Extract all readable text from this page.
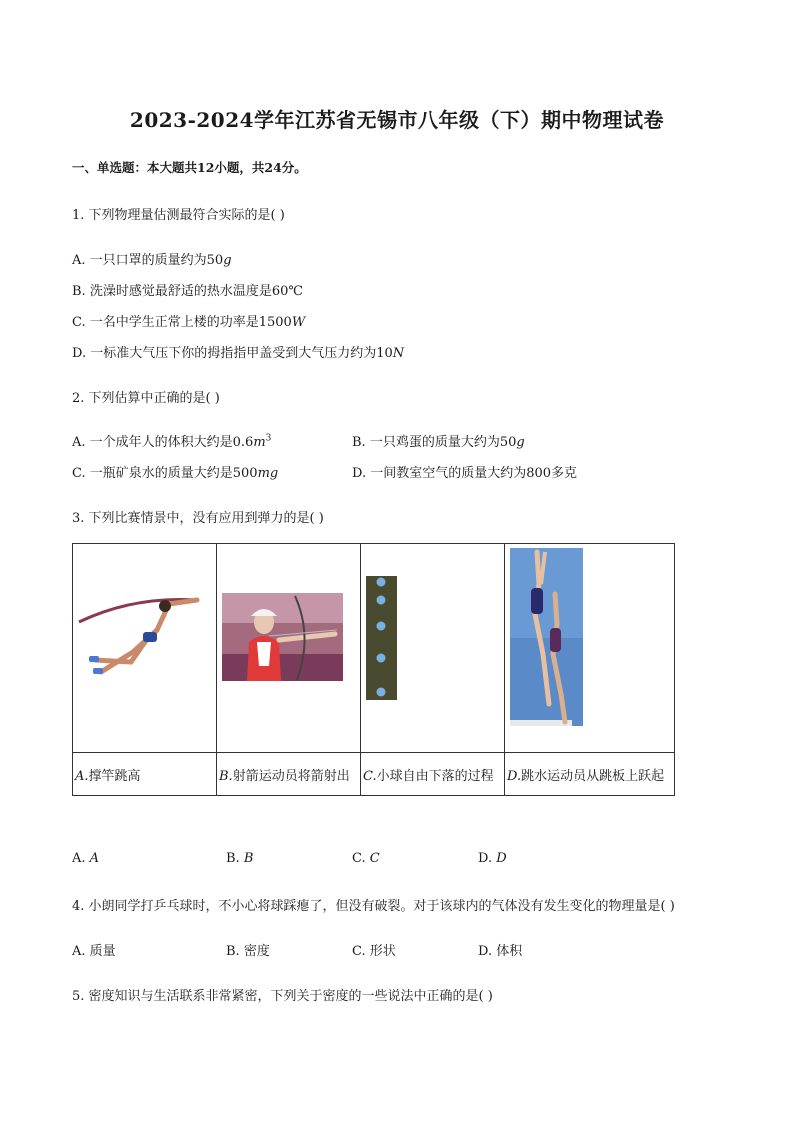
2023-2024学年江苏省无锡市八年级（下）期中物理试卷
一、单选题：本大题共12小题，共24分。
1. 下列物理量估测最符合实际的是( )
A. 一只口罩的质量约为50g
B. 洗澡时感觉最舒适的热水温度是60℃
C. 一名中学生正常上楼的功率是1500W
D. 一标准大气压下你的拇指指甲盖受到大气压力约为10N
2. 下列估算中正确的是( )
A. 一个成年人的体积大约是$0.6m^3$	B. 一只鸡蛋的质量大约为50g
C. 一瓶矿泉水的质量大约是500mg	D. 一间教室空气的质量大约为800多克
3. 下列比赛情景中，没有应用到弹力的是( )

A.撑竿跳高	B.射箭运动员将箭射出	C.小球自由下落的过程	D.跳水运动员从跳板上跃起
A. A	B. B	C. C	D. D
4. 小朗同学打乒乓球时，不小心将球踩瘪了，但没有破裂。对于该球内的气体没有发生变化的物理量是( )
A. 质量	B. 密度	C. 形状	D. 体积
5. 密度知识与生活联系非常紧密，下列关于密度的一些说法中正确的是( )
